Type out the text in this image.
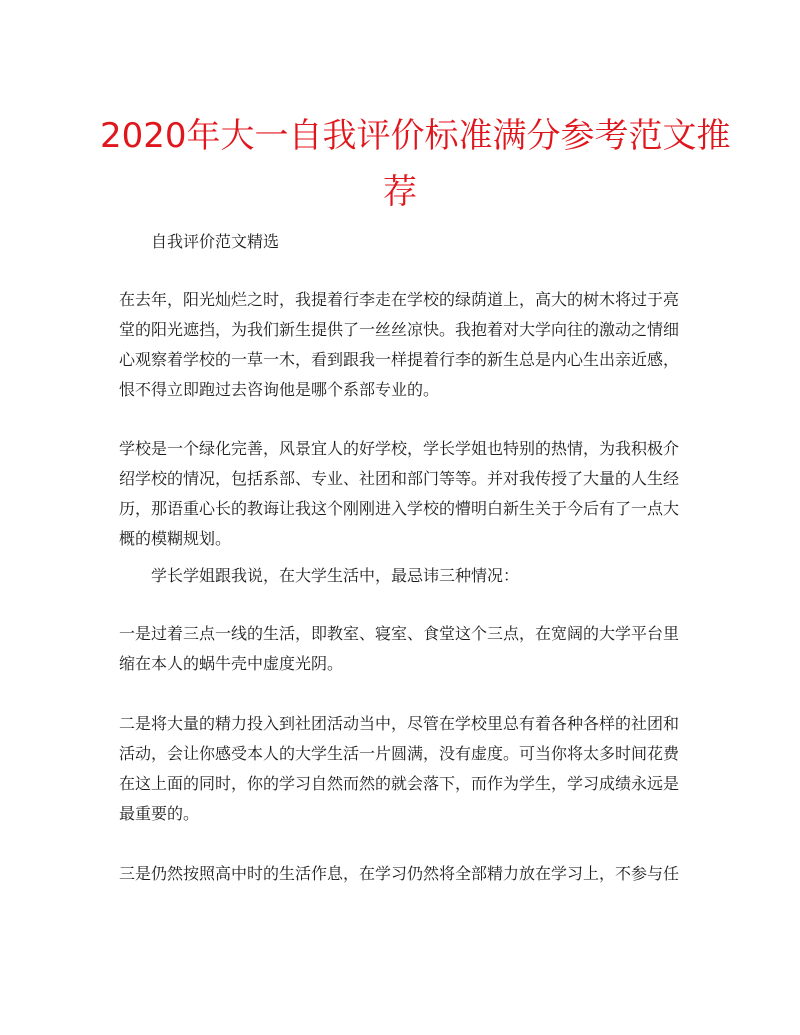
2020年大一自我评价标准满分参考范文推
荐

自我评价范文精选

在去年，阳光灿烂之时，我提着行李走在学校的绿荫道上，高大的树木将过于亮
堂的阳光遮挡，为我们新生提供了一丝丝凉快。我抱着对大学向往的激动之情细
心观察着学校的一草一木，看到跟我一样提着行李的新生总是内心生出亲近感，
恨不得立即跑过去咨询他是哪个系部专业的。

学校是一个绿化完善，风景宜人的好学校，学长学姐也特别的热情，为我积极介
绍学校的情况，包括系部、专业、社团和部门等等。并对我传授了大量的人生经
历，那语重心长的教诲让我这个刚刚进入学校的懵明白新生关于今后有了一点大
概的模糊规划。

学长学姐跟我说，在大学生活中，最忌讳三种情况：

一是过着三点一线的生活，即教室、寝室、食堂这个三点，在宽阔的大学平台里
缩在本人的蜗牛壳中虚度光阴。

二是将大量的精力投入到社团活动当中，尽管在学校里总有着各种各样的社团和
活动，会让你感受本人的大学生活一片圆满，没有虚度。可当你将太多时间花费
在这上面的同时，你的学习自然而然的就会落下，而作为学生，学习成绩永远是
最重要的。

三是仍然按照高中时的生活作息，在学习仍然将全部精力放在学习上，不参与任
